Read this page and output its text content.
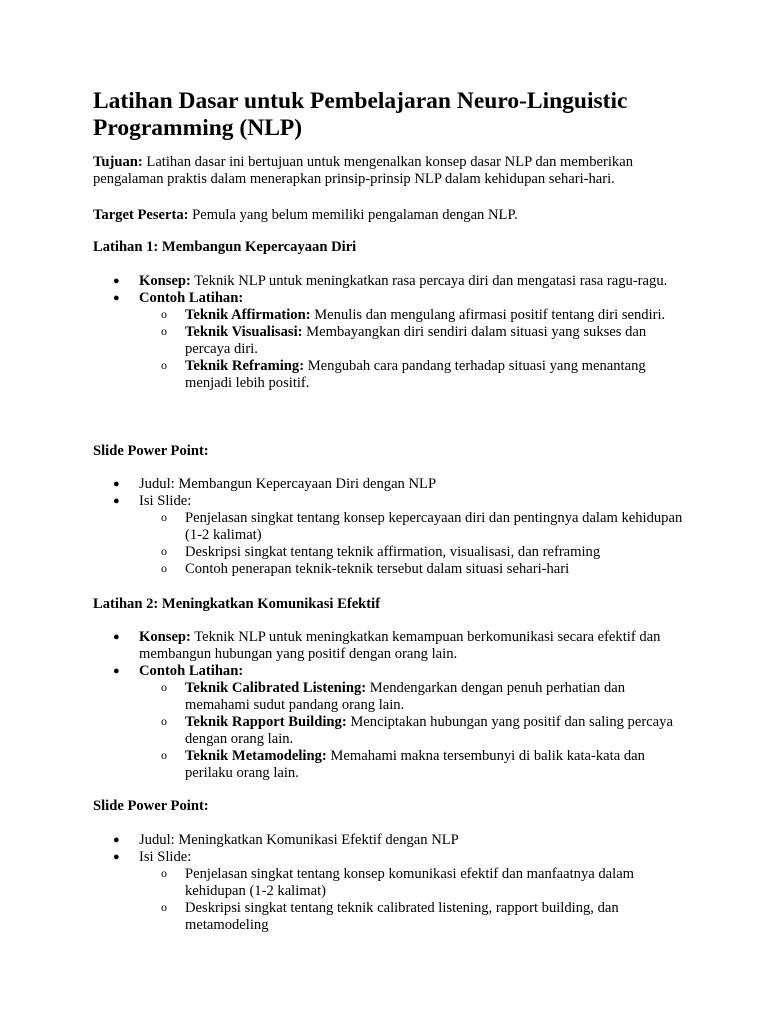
Latihan Dasar untuk Pembelajaran Neuro-Linguistic Programming (NLP)

Tujuan: Latihan dasar ini bertujuan untuk mengenalkan konsep dasar NLP dan memberikan pengalaman praktis dalam menerapkan prinsip-prinsip NLP dalam kehidupan sehari-hari.

Target Peserta: Pemula yang belum memiliki pengalaman dengan NLP.

Latihan 1: Membangun Kepercayaan Diri

● Konsep: Teknik NLP untuk meningkatkan rasa percaya diri dan mengatasi rasa ragu-ragu.
● Contoh Latihan:
o Teknik Affirmation: Menulis dan mengulang afirmasi positif tentang diri sendiri.
o Teknik Visualisasi: Membayangkan diri sendiri dalam situasi yang sukses dan percaya diri.
o Teknik Reframing: Mengubah cara pandang terhadap situasi yang menantang menjadi lebih positif.

Slide Power Point:

● Judul: Membangun Kepercayaan Diri dengan NLP
● Isi Slide:
o Penjelasan singkat tentang konsep kepercayaan diri dan pentingnya dalam kehidupan (1-2 kalimat)
o Deskripsi singkat tentang teknik affirmation, visualisasi, dan reframing
o Contoh penerapan teknik-teknik tersebut dalam situasi sehari-hari

Latihan 2: Meningkatkan Komunikasi Efektif

● Konsep: Teknik NLP untuk meningkatkan kemampuan berkomunikasi secara efektif dan membangun hubungan yang positif dengan orang lain.
● Contoh Latihan:
o Teknik Calibrated Listening: Mendengarkan dengan penuh perhatian dan memahami sudut pandang orang lain.
o Teknik Rapport Building: Menciptakan hubungan yang positif dan saling percaya dengan orang lain.
o Teknik Metamodeling: Memahami makna tersembunyi di balik kata-kata dan perilaku orang lain.

Slide Power Point:

● Judul: Meningkatkan Komunikasi Efektif dengan NLP
● Isi Slide:
o Penjelasan singkat tentang konsep komunikasi efektif dan manfaatnya dalam kehidupan (1-2 kalimat)
o Deskripsi singkat tentang teknik calibrated listening, rapport building, dan metamodeling
